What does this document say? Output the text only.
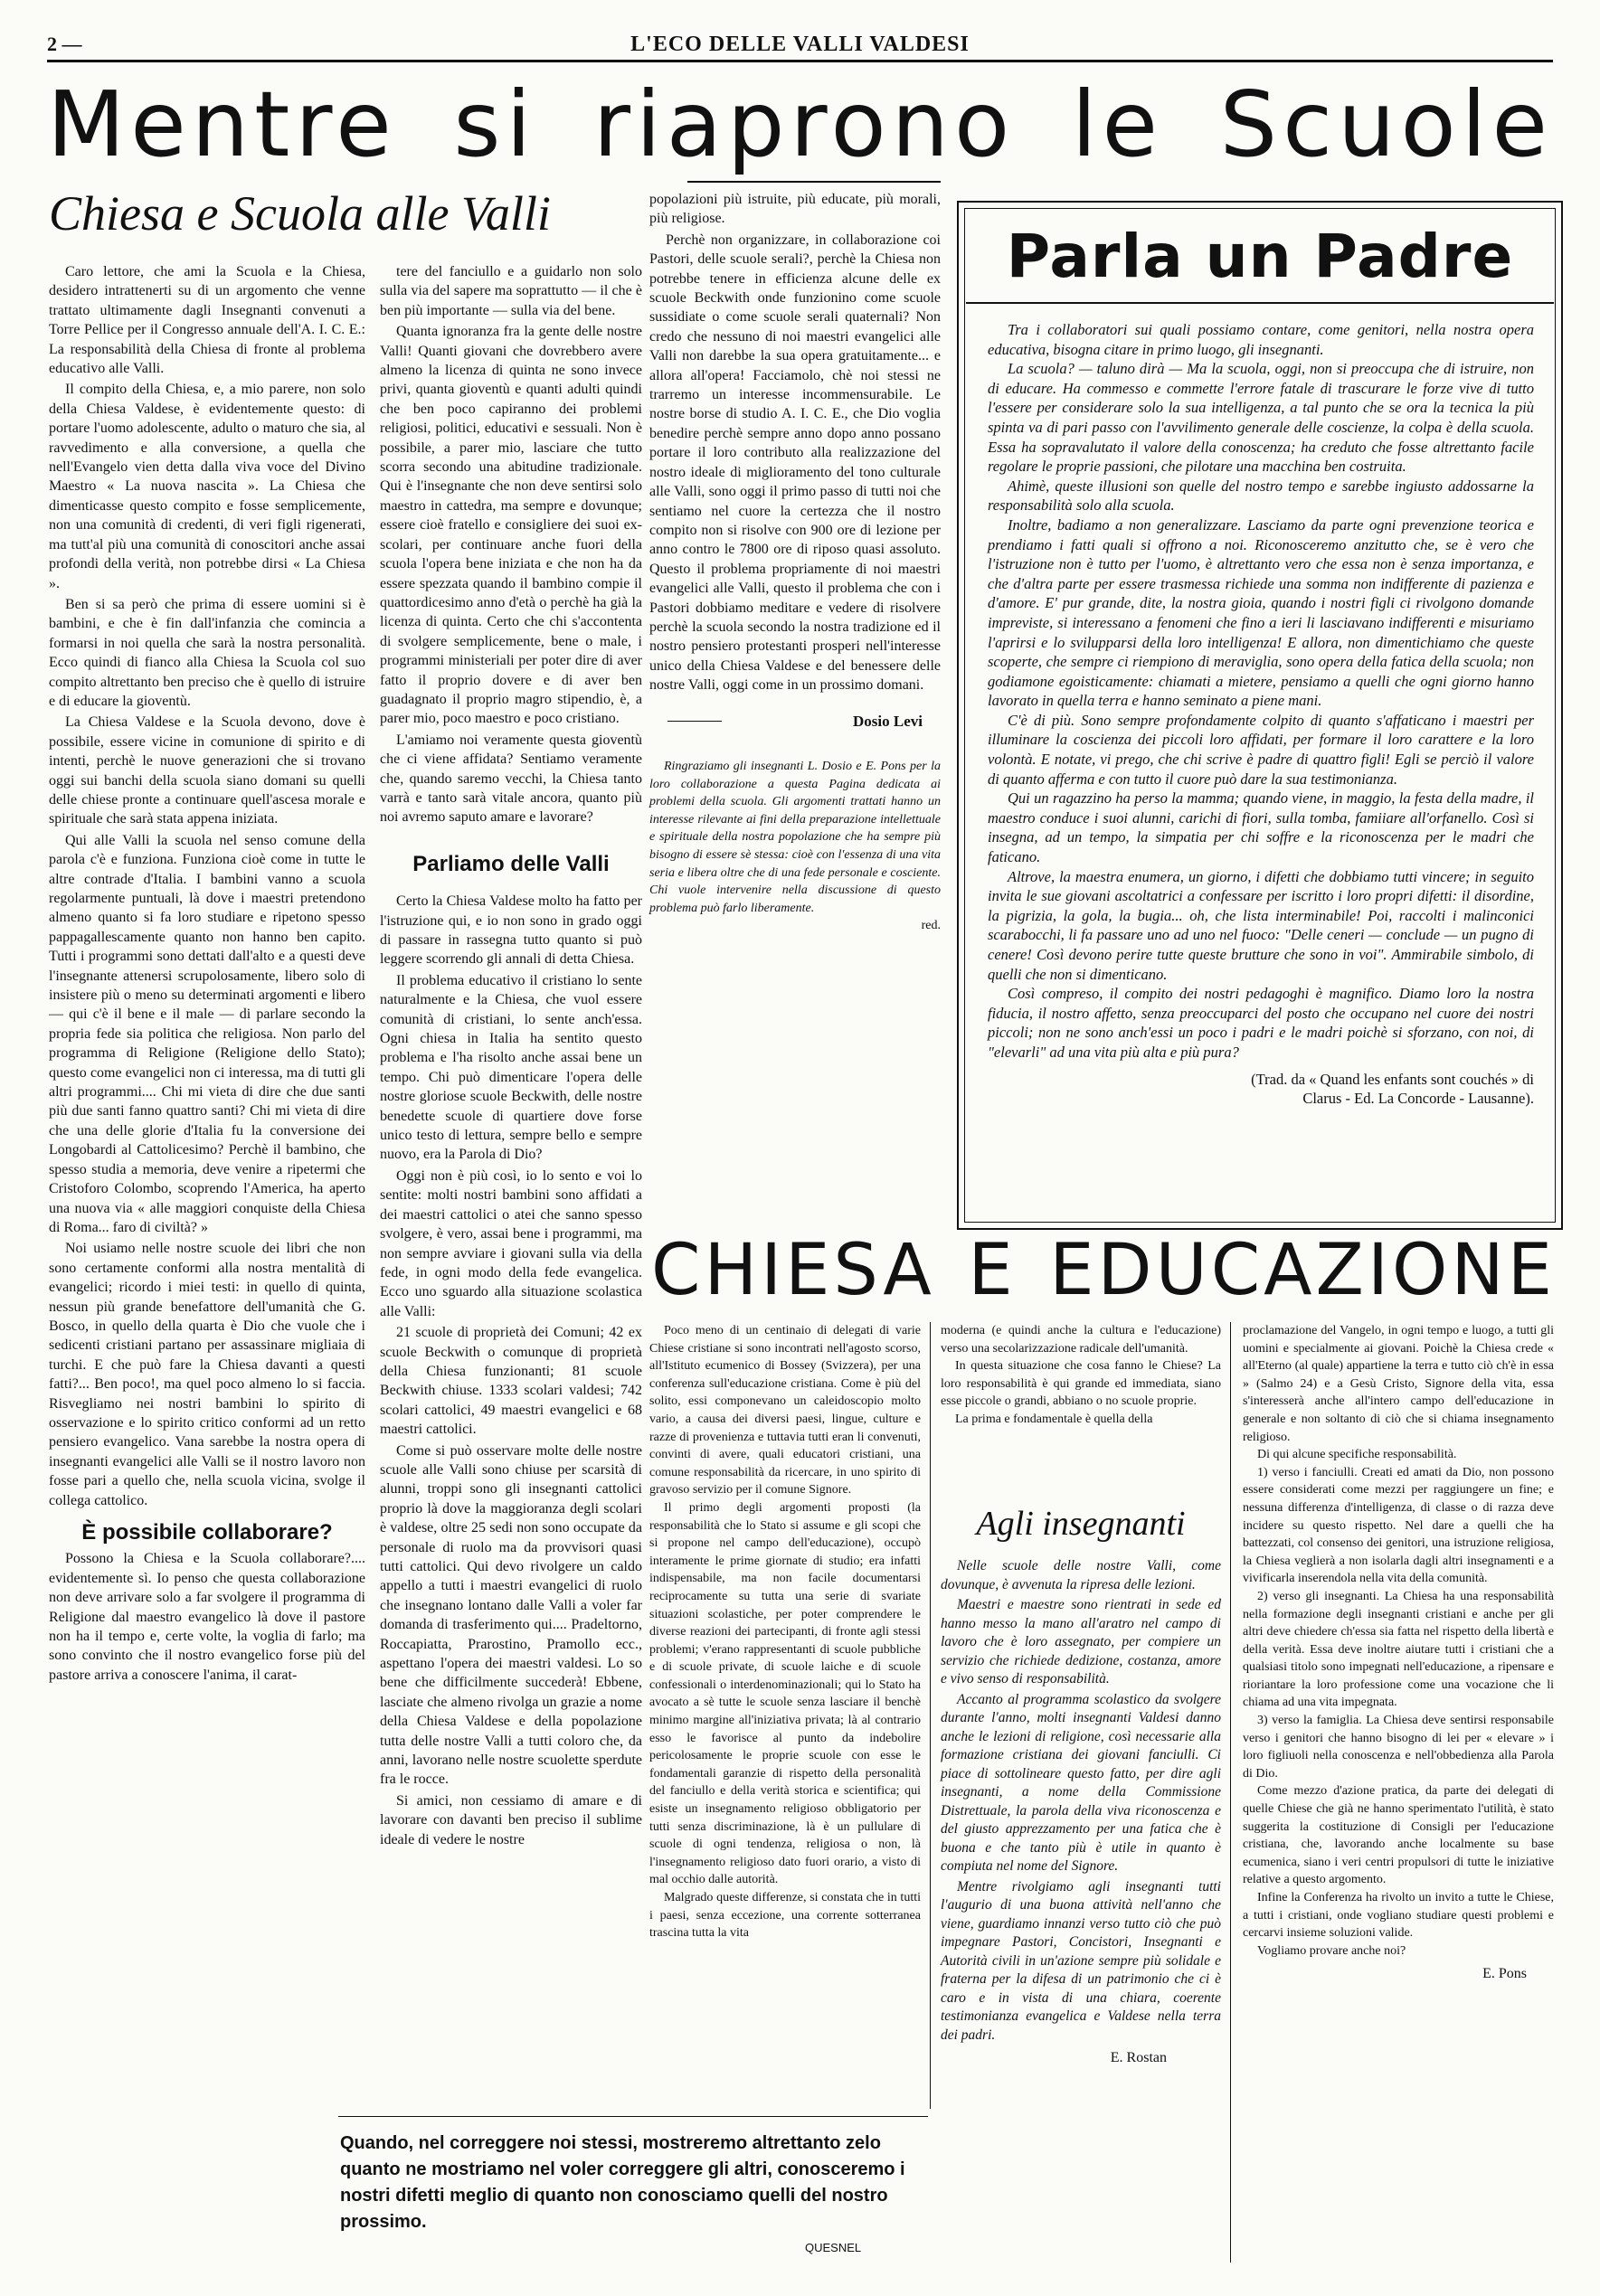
2 —	L'ECO DELLE VALLI VALDESI
Mentre si riaprono le Scuole
Chiesa e Scuola alle Valli

Caro lettore, che ami la Scuola e la Chiesa, desidero intrattenerti su di un argomento che venne trattato ultimamente dagli Insegnanti convenuti a Torre Pellice per il Congresso annuale dell'A. I. C. E.: La responsabilità della Chiesa di fronte al problema educativo alle Valli.

Il compito della Chiesa, e, a mio parere, non solo della Chiesa Valdese, è evidentemente questo: di portare l'uomo adolescente, adulto o maturo che sia, al ravvedimento e alla conversione, a quella che nell'Evangelo vien detta dalla viva voce del Divino Maestro « La nuova nascita ». La Chiesa che dimenticasse questo compito e fosse semplicemente, non una comunità di credenti, di veri figli rigenerati, ma tutt'al più una comunità di conoscitori anche assai profondi della verità, non potrebbe dirsi « La Chiesa ».

Ben si sa però che prima di essere uomini si è bambini, e che è fin dall'infanzia che comincia a formarsi in noi quella che sarà la nostra personalità. Ecco quindi di fianco alla Chiesa la Scuola col suo compito altrettanto ben preciso che è quello di istruire e di educare la gioventù.

La Chiesa Valdese e la Scuola devono, dove è possibile, essere vicine in comunione di spirito e di intenti, perchè le nuove generazioni che si trovano oggi sui banchi della scuola siano domani su quelli delle chiese pronte a continuare quell'ascesa morale e spirituale che sarà stata appena iniziata.

Qui alle Valli la scuola nel senso comune della parola c'è e funziona. Funziona cioè come in tutte le altre contrade d'Italia. I bambini vanno a scuola regolarmente puntuali, là dove i maestri pretendono almeno quanto si fa loro studiare e ripetono spesso pappagallescamente quanto non hanno ben capito. Tutti i programmi sono dettati dall'alto e a questi deve l'insegnante attenersi scrupolosamente, libero solo di insistere più o meno su determinati argomenti e libero — qui c'è il bene e il male — di parlare secondo la propria fede sia politica che religiosa. Non parlo del programma di Religione (Religione dello Stato); questo come evangelici non ci interessa, ma di tutti gli altri programmi.... Chi mi vieta di dire che due santi più due santi fanno quattro santi? Chi mi vieta di dire che una delle glorie d'Italia fu la conversione dei Longobardi al Cattolicesimo? Perchè il bambino, che spesso studia a memoria, deve venire a ripetermi che Cristoforo Colombo, scoprendo l'America, ha aperto una nuova via « alle maggiori conquiste della Chiesa di Roma... faro di civiltà? »

Noi usiamo nelle nostre scuole dei libri che non sono certamente conformi alla nostra mentalità di evangelici; ricordo i miei testi: in quello di quinta, nessun più grande benefattore dell'umanità che G. Bosco, in quello della quarta è Dio che vuole che i sedicenti cristiani partano per assassinare migliaia di turchi. E che può fare la Chiesa davanti a questi fatti?... Ben poco!, ma quel poco almeno lo si faccia. Risvegliamo nei nostri bambini lo spirito di osservazione e lo spirito critico conformi ad un retto pensiero evangelico. Vana sarebbe la nostra opera di insegnanti evangelici alle Valli se il nostro lavoro non fosse pari a quello che, nella scuola vicina, svolge il collega cattolico.

È possibile collaborare?

Possono la Chiesa e la Scuola collaborare?.... evidentemente sì. Io penso che questa collaborazione non deve arrivare solo a far svolgere il programma di Religione dal maestro evangelico là dove il pastore non ha il tempo e, certe volte, la voglia di farlo; ma sono convinto che il nostro evangelico forse più del pastore arriva a conoscere l'anima, il carat-

tere del fanciullo e a guidarlo non solo sulla via del sapere ma soprattutto — il che è ben più importante — sulla via del bene.

Quanta ignoranza fra la gente delle nostre Valli! Quanti giovani che dovrebbero avere almeno la licenza di quinta ne sono invece privi, quanta gioventù e quanti adulti quindi che ben poco capiranno dei problemi religiosi, politici, educativi e sessuali. Non è possibile, a parer mio, lasciare che tutto scorra secondo una abitudine tradizionale. Qui è l'insegnante che non deve sentirsi solo maestro in cattedra, ma sempre e dovunque; essere cioè fratello e consigliere dei suoi ex-scolari, per continuare anche fuori della scuola l'opera bene iniziata e che non ha da essere spezzata quando il bambino compie il quattordicesimo anno d'età o perchè ha già la licenza di quinta. Certo che chi s'accontenta di svolgere semplicemente, bene o male, i programmi ministeriali per poter dire di aver fatto il proprio dovere e di aver ben guadagnato il proprio magro stipendio, è, a parer mio, poco maestro e poco cristiano.

L'amiamo noi veramente questa gioventù che ci viene affidata? Sentiamo veramente che, quando saremo vecchi, la Chiesa tanto varrà e tanto sarà vitale ancora, quanto più noi avremo saputo amare e lavorare?

Parliamo delle Valli

Certo la Chiesa Valdese molto ha fatto per l'istruzione qui, e io non sono in grado oggi di passare in rassegna tutto quanto si può leggere scorrendo gli annali di detta Chiesa.

Il problema educativo il cristiano lo sente naturalmente e la Chiesa, che vuol essere comunità di cristiani, lo sente anch'essa. Ogni chiesa in Italia ha sentito questo problema e l'ha risolto anche assai bene un tempo. Chi può dimenticare l'opera delle nostre gloriose scuole Beckwith, delle nostre benedette scuole di quartiere dove forse unico testo di lettura, sempre bello e sempre nuovo, era la Parola di Dio?

Oggi non è più così, io lo sento e voi lo sentite: molti nostri bambini sono affidati a dei maestri cattolici o atei che sanno spesso svolgere, è vero, assai bene i programmi, ma non sempre avviare i giovani sulla via della fede, in ogni modo della fede evangelica. Ecco uno sguardo alla situazione scolastica alle Valli:

21 scuole di proprietà dei Comuni; 42 ex scuole Beckwith o comunque di proprietà della Chiesa funzionanti; 81 scuole Beckwith chiuse. 1333 scolari valdesi; 742 scolari cattolici, 49 maestri evangelici e 68 maestri cattolici.

Come si può osservare molte delle nostre scuole alle Valli sono chiuse per scarsità di alunni, troppi sono gli insegnanti cattolici proprio là dove la maggioranza degli scolari è valdese, oltre 25 sedi non sono occupate da personale di ruolo ma da provvisori quasi tutti cattolici. Qui devo rivolgere un caldo appello a tutti i maestri evangelici di ruolo che insegnano lontano dalle Valli a voler far domanda di trasferimento qui.... Pradeltorno, Roccapiatta, Prarostino, Pramollo ecc., aspettano l'opera dei maestri valdesi. Lo so bene che difficilmente succederà! Ebbene, lasciate che almeno rivolga un grazie a nome della Chiesa Valdese e della popolazione tutta delle nostre Valli a tutti coloro che, da anni, lavorano nelle nostre scuolette sperdute fra le rocce.

Si amici, non cessiamo di amare e di lavorare con davanti ben preciso il sublime ideale di vedere le nostre

popolazioni più istruite, più educate, più morali, più religiose.

Perchè non organizzare, in collaborazione coi Pastori, delle scuole serali?, perchè la Chiesa non potrebbe tenere in efficienza alcune delle ex scuole Beckwith onde funzionino come scuole sussidiate o come scuole serali quaternali? Non credo che nessuno di noi maestri evangelici alle Valli non darebbe la sua opera gratuitamente... e allora all'opera! Facciamolo, chè noi stessi ne trarremo un interesse incommensurabile. Le nostre borse di studio A. I. C. E., che Dio voglia benedire perchè sempre anno dopo anno possano portare il loro contributo alla realizzazione del nostro ideale di miglioramento del tono culturale alle Valli, sono oggi il primo passo di tutti noi che sentiamo nel cuore la certezza che il nostro compito non si risolve con 900 ore di lezione per anno contro le 7800 ore di riposo quasi assoluto. Questo il problema propriamente di noi maestri evangelici alle Valli, questo il problema che con i Pastori dobbiamo meditare e vedere di risolvere perchè la scuola secondo la nostra tradizione ed il nostro pensiero protestanti prosperi nell'interesse unico della Chiesa Valdese e del benessere delle nostre Valli, oggi come in un prossimo domani.

Dosio Levi

Ringraziamo gli insegnanti L. Dosio e E. Pons per la loro collaborazione a questa Pagina dedicata ai problemi della scuola. Gli argomenti trattati hanno un interesse rilevante ai fini della preparazione intellettuale e spirituale della nostra popolazione che ha sempre più bisogno di essere sè stessa: cioè con l'essenza di una vita seria e libera oltre che di una fede personale e cosciente. Chi vuole intervenire nella discussione di questo problema può farlo liberamente.

red.
Parla un Padre

Tra i collaboratori sui quali possiamo contare, come genitori, nella nostra opera educativa, bisogna citare in primo luogo, gli insegnanti.

La scuola? — taluno dirà — Ma la scuola, oggi, non si preoccupa che di istruire, non di educare. Ha commesso e commette l'errore fatale di trascurare le forze vive di tutto l'essere per considerare solo la sua intelligenza, a tal punto che se ora la tecnica la più spinta va di pari passo con l'avvilimento generale delle coscienze, la colpa è della scuola. Essa ha sopravalutato il valore della conoscenza; ha creduto che fosse altrettanto facile regolare le proprie passioni, che pilotare una macchina ben costruita.

Ahimè, queste illusioni son quelle del nostro tempo e sarebbe ingiusto addossarne la responsabilità solo alla scuola.

Inoltre, badiamo a non generalizzare. Lasciamo da parte ogni prevenzione teorica e prendiamo i fatti quali si offrono a noi. Riconosceremo anzitutto che, se è vero che l'istruzione non è tutto per l'uomo, è altrettanto vero che essa non è senza importanza, e che d'altra parte per essere trasmessa richiede una somma non indifferente di pazienza e d'amore. E' pur grande, dite, la nostra gioia, quando i nostri figli ci rivolgono domande impreviste, si interessano a fenomeni che fino a ieri li lasciavano indifferenti e misuriamo l'aprirsi e lo svilupparsi della loro intelligenza! E allora, non dimentichiamo che queste scoperte, che sempre ci riempiono di meraviglia, sono opera della fatica della scuola; non godiamone egoisticamente: chiamati a mietere, pensiamo a quelli che ogni giorno hanno lavorato in quella terra e hanno seminato a piene mani.

C'è di più. Sono sempre profondamente colpito di quanto s'affaticano i maestri per illuminare la coscienza dei piccoli loro affidati, per formare il loro carattere e la loro volontà. E notate, vi prego, che chi scrive è padre di quattro figli! Egli se perciò il valore di quanto afferma e con tutto il cuore può dare la sua testimonianza.

Qui un ragazzino ha perso la mamma; quando viene, in maggio, la festa della madre, il maestro conduce i suoi alunni, carichi di fiori, sulla tomba, famiiare all'orfanello. Così si insegna, ad un tempo, la simpatia per chi soffre e la riconoscenza per le madri che faticano.

Altrove, la maestra enumera, un giorno, i difetti che dobbiamo tutti vincere; in seguito invita le sue giovani ascoltatrici a confessare per iscritto i loro propri difetti: il disordine, la pigrizia, la gola, la bugia... oh, che lista interminabile! Poi, raccolti i malinconici scarabocchi, li fa passare uno ad uno nel fuoco: "Delle ceneri — conclude — un pugno di cenere! Così devono perire tutte queste brutture che sono in voi". Ammirabile simbolo, di quelli che non si dimenticano.

Così compreso, il compito dei nostri pedagoghi è magnifico. Diamo loro la nostra fiducia, il nostro affetto, senza preoccuparci del posto che occupano nel cuore dei nostri piccoli; non ne sono anch'essi un poco i padri e le madri poichè si sforzano, con noi, di "elevarli" ad una vita più alta e più pura?

(Trad. da « Quand les enfants sont couchés » di Clarus - Ed. La Concorde - Lausanne).
CHIESA E EDUCAZIONE

Poco meno di un centinaio di delegati di varie Chiese cristiane si sono incontrati nell'agosto scorso, all'Istituto ecumenico di Bossey (Svizzera), per una conferenza sull'educazione cristiana. Come è più del solito, essi componevano un caleidoscopio molto vario, a causa dei diversi paesi, lingue, culture e razze di provenienza e tuttavia tutti eran li convenuti, convinti di avere, quali educatori cristiani, una comune responsabilità da ricercare, in uno spirito di gravoso servizio per il comune Signore.

Il primo degli argomenti proposti (la responsabilità che lo Stato si assume e gli scopi che si propone nel campo dell'educazione), occupò interamente le prime giornate di studio; era infatti indispensabile, ma non facile documentarsi reciprocamente su tutta una serie di svariate situazioni scolastiche, per poter comprendere le diverse reazioni dei partecipanti, di fronte agli stessi problemi; v'erano rappresentanti di scuole pubbliche e di scuole private, di scuole laiche e di scuole confessionali o interdenominazionali; qui lo Stato ha avocato a sè tutte le scuole senza lasciare il benchè minimo margine all'iniziativa privata; là al contrario esso le favorisce al punto da indebolire pericolosamente le proprie scuole con esse le fondamentali garanzie di rispetto della personalità del fanciullo e della verità storica e scientifica; qui esiste un insegnamento religioso obbligatorio per tutti senza discriminazione, là è un pullulare di scuole di ogni tendenza, religiosa o non, là l'insegnamento religioso dato fuori orario, a visto di mal occhio dalle autorità.

Malgrado queste differenze, si constata che in tutti i paesi, senza eccezione, una corrente sotterranea trascina tutta la vita

moderna (e quindi anche la cultura e l'educazione) verso una secolarizzazione radicale dell'umanità.

In questa situazione che cosa fanno le Chiese? La loro responsabilità è qui grande ed immediata, siano esse piccole o grandi, abbiano o no scuole proprie.

La prima e fondamentale è quella della

Agli insegnanti

Nelle scuole delle nostre Valli, come dovunque, è avvenuta la ripresa delle lezioni.

Maestri e maestre sono rientrati in sede ed hanno messo la mano all'aratro nel campo di lavoro che è loro assegnato, per compiere un servizio che richiede dedizione, costanza, amore e vivo senso di responsabilità.

Accanto al programma scolastico da svolgere durante l'anno, molti insegnanti Valdesi danno anche le lezioni di religione, così necessarie alla formazione cristiana dei giovani fanciulli. Ci piace di sottolineare questo fatto, per dire agli insegnanti, a nome della Commissione Distrettuale, la parola della viva riconoscenza e del giusto apprezzamento per una fatica che è buona e che tanto più è utile in quanto è compiuta nel nome del Signore.

Mentre rivolgiamo agli insegnanti tutti l'augurio di una buona attività nell'anno che viene, guardiamo innanzi verso tutto ciò che può impegnare Pastori, Concistori, Insegnanti e Autorità civili in un'azione sempre più solidale e fraterna per la difesa di un patrimonio che ci è caro e in vista di una chiara, coerente testimonianza evangelica e Valdese nella terra dei padri.

E. Rostan

proclamazione del Vangelo, in ogni tempo e luogo, a tutti gli uomini e specialmente ai giovani. Poichè la Chiesa crede « all'Eterno (al quale) appartiene la terra e tutto ciò ch'è in essa » (Salmo 24) e a Gesù Cristo, Signore della vita, essa s'interesserà anche all'intero campo dell'educazione in generale e non soltanto di ciò che si chiama insegnamento religioso.

Di qui alcune specifiche responsabilità.

1) verso i fanciulli. Creati ed amati da Dio, non possono essere considerati come mezzi per raggiungere un fine; e nessuna differenza d'intelligenza, di classe o di razza deve incidere su questo rispetto. Nel dare a quelli che ha battezzati, col consenso dei genitori, una istruzione religiosa, la Chiesa veglierà a non isolarla dagli altri insegnamenti e a vivificarla inserendola nella vita della comunità.

2) verso gli insegnanti. La Chiesa ha una responsabilità nella formazione degli insegnanti cristiani e anche per gli altri deve chiedere ch'essa sia fatta nel rispetto della libertà e della verità. Essa deve inoltre aiutare tutti i cristiani che a qualsiasi titolo sono impegnati nell'educazione, a ripensare e rioriantare la loro professione come una vocazione che li chiama ad una vita impegnata.

3) verso la famiglia. La Chiesa deve sentirsi responsabile verso i genitori che hanno bisogno di lei per « elevare » i loro figliuoli nella conoscenza e nell'obbedienza alla Parola di Dio.

Come mezzo d'azione pratica, da parte dei delegati di quelle Chiese che già ne hanno sperimentato l'utilità, è stato suggerita la costituzione di Consigli per l'educazione cristiana, che, lavorando anche localmente su base ecumenica, siano i veri centri propulsori di tutte le iniziative relative a questo argomento.

Infine la Conferenza ha rivolto un invito a tutte le Chiese, a tutti i cristiani, onde vogliano studiare questi problemi e cercarvi insieme soluzioni valide.

Vogliamo provare anche noi?

E. Pons
Quando, nel correggere noi stessi, mostreremo altrettanto zelo quanto ne mostriamo nel voler correggere gli altri, conosceremo i nostri difetti meglio di quanto non conosciamo quelli del nostro prossimo.
QUESNEL
